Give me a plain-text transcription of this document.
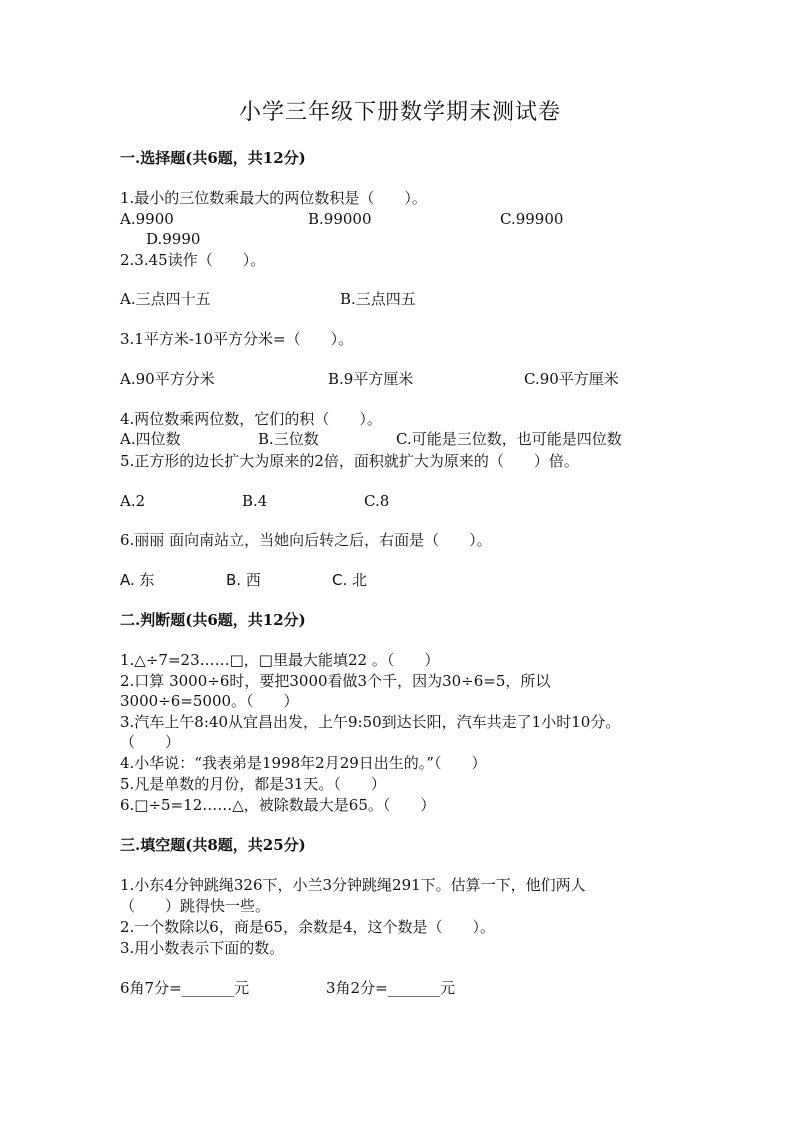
小学三年级下册数学期末测试卷
一.选择题(共6题，共12分)
1.最小的三位数乘最大的两位数积是（　　）。
A.9900	B.99000	C.99900
D.9990
2.3.45读作（　　）。
A.三点四十五	B.三点四五
3.1平方米-10平方分米=（　　）。
A.90平方分米	B.9平方厘米	C.90平方厘米
4.两位数乘两位数，它们的积（　　）。
A.四位数	B.三位数	C.可能是三位数，也可能是四位数
5.正方形的边长扩大为原来的2倍，面积就扩大为原来的（　　）倍。
A.2	B.4	C.8
6.丽丽 面向南站立，当她向后转之后，右面是（　　）。
A. 东	B. 西	C. 北
二.判断题(共6题，共12分)
1.△÷7=23……□，□里最大能填22 。（　　）
2.口算 3000÷6时，要把3000看做3个千，因为30÷6=5，所以
3000÷6=5000。（　　）
3.汽车上午8:40从宜昌出发，上午9:50到达长阳，汽车共走了1小时10分。
（　　）
4.小华说：“我表弟是1998年2月29日出生的。”（　　）
5.凡是单数的月份，都是31天。（　　）
6.□÷5=12……△，被除数最大是65。（　　）
三.填空题(共8题，共25分)
1.小东4分钟跳绳326下，小兰3分钟跳绳291下。估算一下，他们两人
（　　）跳得快一些。
2.一个数除以6，商是65，余数是4，这个数是（　　）。
3.用小数表示下面的数。
6角7分=_______元	3角2分=_______元
